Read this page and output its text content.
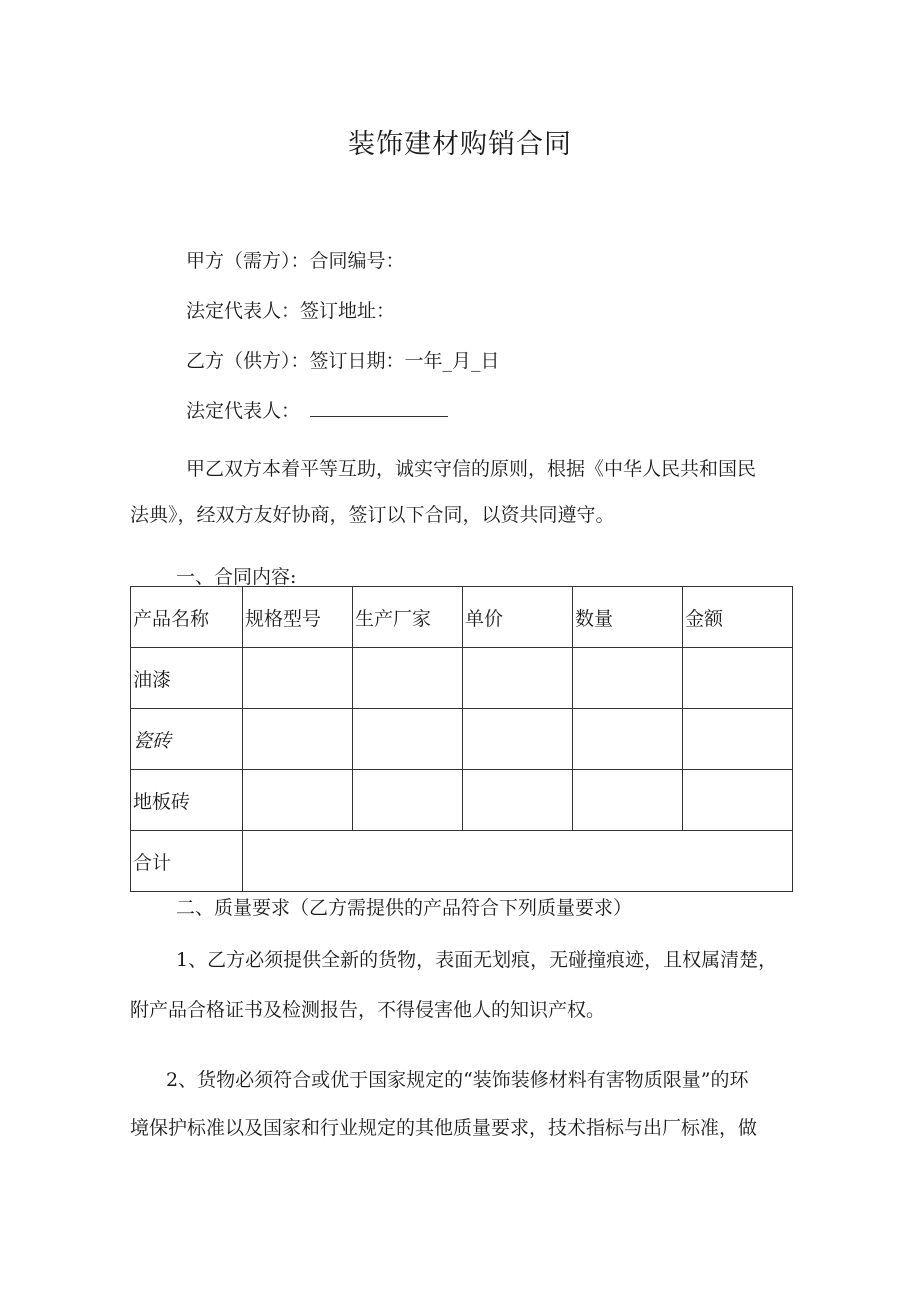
装饰建材购销合同
甲方（需方）：合同编号：
法定代表人：签订地址：
乙方（供方）：签订日期：一年_月_日
法定代表人：
甲乙双方本着平等互助，诚实守信的原则，根据《中华人民共和国民
法典》，经双方友好协商，签订以下合同，以资共同遵守。
一、合同内容:
产品名称	规格型号	生产厂家	单价	数量	金额
油漆					
瓷砖					
地板砖					
合计					
二、质量要求（乙方需提供的产品符合下列质量要求）
1、乙方必须提供全新的货物，表面无划痕，无碰撞痕迹，且权属清楚，
附产品合格证书及检测报告，不得侵害他人的知识产权。
2、货物必须符合或优于国家规定的“装饰装修材料有害物质限量”的环
境保护标准以及国家和行业规定的其他质量要求，技术指标与出厂标准，做
